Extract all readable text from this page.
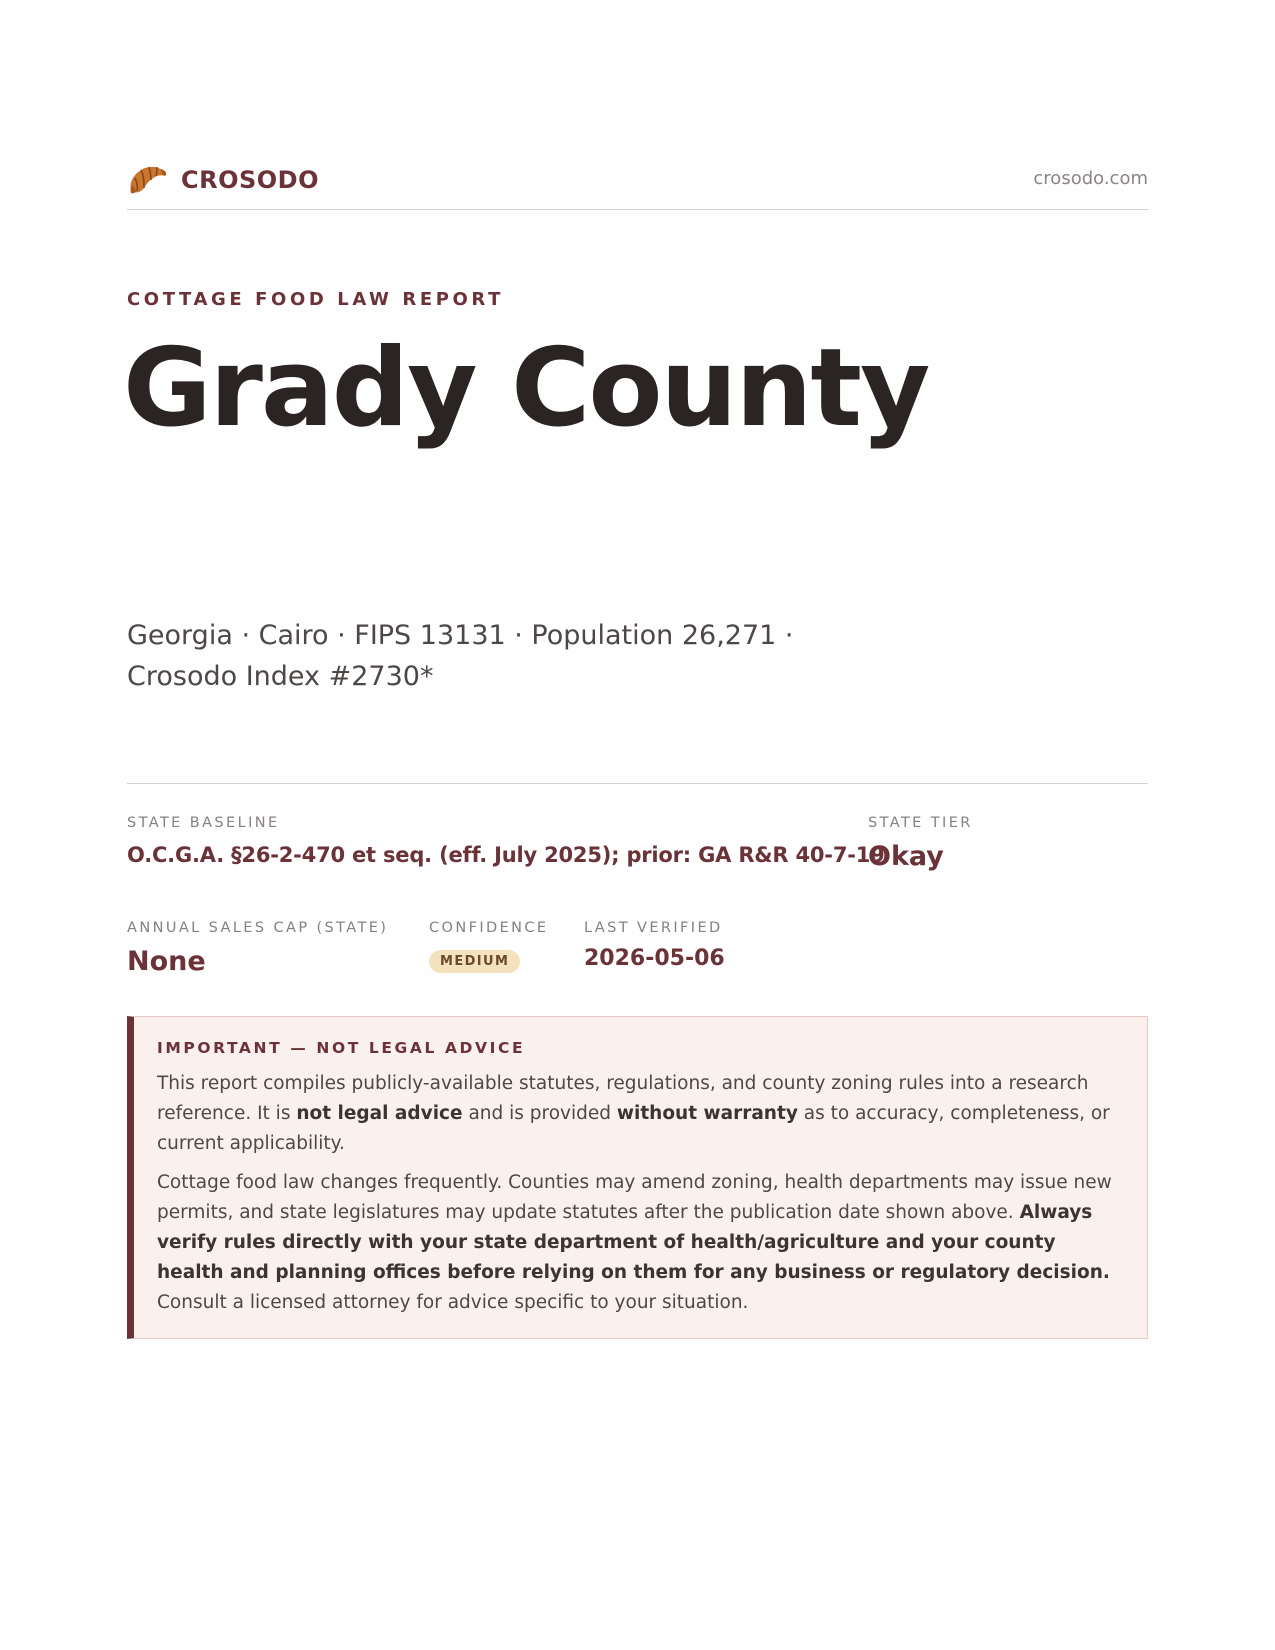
CROSODO	crosodo.com
COTTAGE FOOD LAW REPORT
Grady County
Georgia · Cairo · FIPS 13131 · Population 26,271 · Crosodo Index #2730*
STATE BASELINE
O.C.G.A. §26-2-470 et seq. (eff. July 2025); prior: GA R&R 40-7-19
STATE TIER
Okay
ANNUAL SALES CAP (STATE)
None
CONFIDENCE
MEDIUM
LAST VERIFIED
2026-05-06
IMPORTANT — NOT LEGAL ADVICE

This report compiles publicly-available statutes, regulations, and county zoning rules into a research reference. It is not legal advice and is provided without warranty as to accuracy, completeness, or current applicability.

Cottage food law changes frequently. Counties may amend zoning, health departments may issue new permits, and state legislatures may update statutes after the publication date shown above. Always verify rules directly with your state department of health/agriculture and your county health and planning offices before relying on them for any business or regulatory decision. Consult a licensed attorney for advice specific to your situation.
